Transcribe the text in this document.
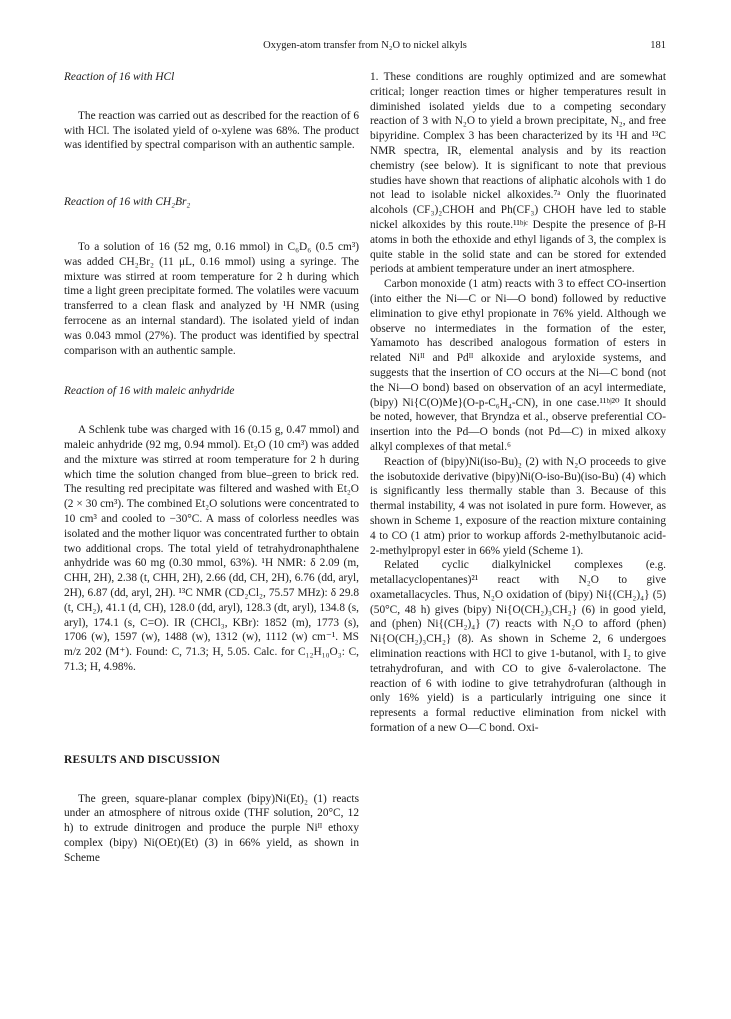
Oxygen-atom transfer from N₂O to nickel alkyls	181

Reaction of 16 with HCl

The reaction was carried out as described for the reaction of 6 with HCl. The isolated yield of o-xylene was 68%. The product was identified by spectral comparison with an authentic sample.

Reaction of 16 with CH₂Br₂

To a solution of 16 (52 mg, 0.16 mmol) in C₆D₆ (0.5 cm³) was added CH₂Br₂ (11 μL, 0.16 mmol) using a syringe. The mixture was stirred at room temperature for 2 h during which time a light green precipitate formed. The volatiles were vacuum transferred to a clean flask and analyzed by ¹H NMR (using ferrocene as an internal standard). The isolated yield of indan was 0.043 mmol (27%). The product was identified by spectral comparison with an authentic sample.

Reaction of 16 with maleic anhydride

A Schlenk tube was charged with 16 (0.15 g, 0.47 mmol) and maleic anhydride (92 mg, 0.94 mmol). Et₂O (10 cm³) was added and the mixture was stirred at room temperature for 2 h during which time the solution changed from blue–green to brick red. The resulting red precipitate was filtered and washed with Et₂O (2 × 30 cm³). The combined Et₂O solutions were concentrated to 10 cm³ and cooled to −30°C. A mass of colorless needles was isolated and the mother liquor was concentrated further to obtain two additional crops. The total yield of tetrahydronaphthalene anhydride was 60 mg (0.30 mmol, 63%). ¹H NMR: δ 2.09 (m, CHH, 2H), 2.38 (t, CHH, 2H), 2.66 (dd, CH, 2H), 6.76 (dd, aryl, 2H), 6.87 (dd, aryl, 2H). ¹³C NMR (CD₂Cl₂, 75.57 MHz): δ 29.8 (t, CH₂), 41.1 (d, CH), 128.0 (dd, aryl), 128.3 (dt, aryl), 134.8 (s, aryl), 174.1 (s, C=O). IR (CHCl₃, KBr): 1852 (m), 1773 (s), 1706 (w), 1597 (w), 1488 (w), 1312 (w), 1112 (w) cm⁻¹. MS m/z 202 (M⁺). Found: C, 71.3; H, 5.05. Calc. for C₁₂H₁₀O₃: C, 71.3; H, 4.98%.

RESULTS AND DISCUSSION

The green, square-planar complex (bipy)Ni(Et)₂ (1) reacts under an atmosphere of nitrous oxide (THF solution, 20°C, 12 h) to extrude dinitrogen and produce the purple Niᴵᴵ ethoxy complex (bipy) Ni(OEt)(Et) (3) in 66% yield, as shown in Scheme

1. These conditions are roughly optimized and are somewhat critical; longer reaction times or higher temperatures result in diminished isolated yields due to a competing secondary reaction of 3 with N₂O to yield a brown precipitate, N₂, and free bipyridine. Complex 3 has been characterized by its ¹H and ¹³C NMR spectra, IR, elemental analysis and by its reaction chemistry (see below). It is significant to note that previous studies have shown that reactions of aliphatic alcohols with 1 do not lead to isolable nickel alkoxides.⁷ᵃ Only the fluorinated alcohols (CF₃)₂CHOH and Ph(CF₃) CHOH have led to stable nickel alkoxides by this route.¹¹ᵇʲᶜ Despite the presence of β-H atoms in both the ethoxide and ethyl ligands of 3, the complex is quite stable in the solid state and can be stored for extended periods at ambient temperature under an inert atmosphere.

Carbon monoxide (1 atm) reacts with 3 to effect CO-insertion (into either the Ni—C or Ni—O bond) followed by reductive elimination to give ethyl propionate in 76% yield. Although we observe no intermediates in the formation of the ester, Yamamoto has described analogous formation of esters in related Niᴵᴵ and Pdᴵᴵ alkoxide and aryloxide systems, and suggests that the insertion of CO occurs at the Ni—C bond (not the Ni—O bond) based on observation of an acyl intermediate, (bipy) Ni{C(O)Me}(O-p-C₆H₄-CN), in one case.¹¹ᵇʲ²⁰ It should be noted, however, that Bryndza et al., observe preferential CO-insertion into the Pd—O bonds (not Pd—C) in mixed alkoxy alkyl complexes of that metal.⁶

Reaction of (bipy)Ni(iso-Bu)₂ (2) with N₂O proceeds to give the isobutoxide derivative (bipy)Ni(O-iso-Bu)(iso-Bu) (4) which is significantly less thermally stable than 3. Because of this thermal instability, 4 was not isolated in pure form. However, as shown in Scheme 1, exposure of the reaction mixture containing 4 to CO (1 atm) prior to workup affords 2-methylbutanoic acid-2-methylpropyl ester in 66% yield (Scheme 1).

Related cyclic dialkylnickel complexes (e.g. metallacyclopentanes)²¹ react with N₂O to give oxametallacycles. Thus, N₂O oxidation of (bipy) Ni{(CH₂)₄} (5) (50°C, 48 h) gives (bipy) Ni{O(CH₂)₃CH₂} (6) in good yield, and (phen) Ni{(CH₂)₄} (7) reacts with N₂O to afford (phen) Ni{O(CH₂)₃CH₂} (8). As shown in Scheme 2, 6 undergoes elimination reactions with HCl to give 1-butanol, with I₂ to give tetrahydrofuran, and with CO to give δ-valerolactone. The reaction of 6 with iodine to give tetrahydrofuran (although in only 16% yield) is a particularly intriguing one since it represents a formal reductive elimination from nickel with formation of a new O—C bond. Oxi-
